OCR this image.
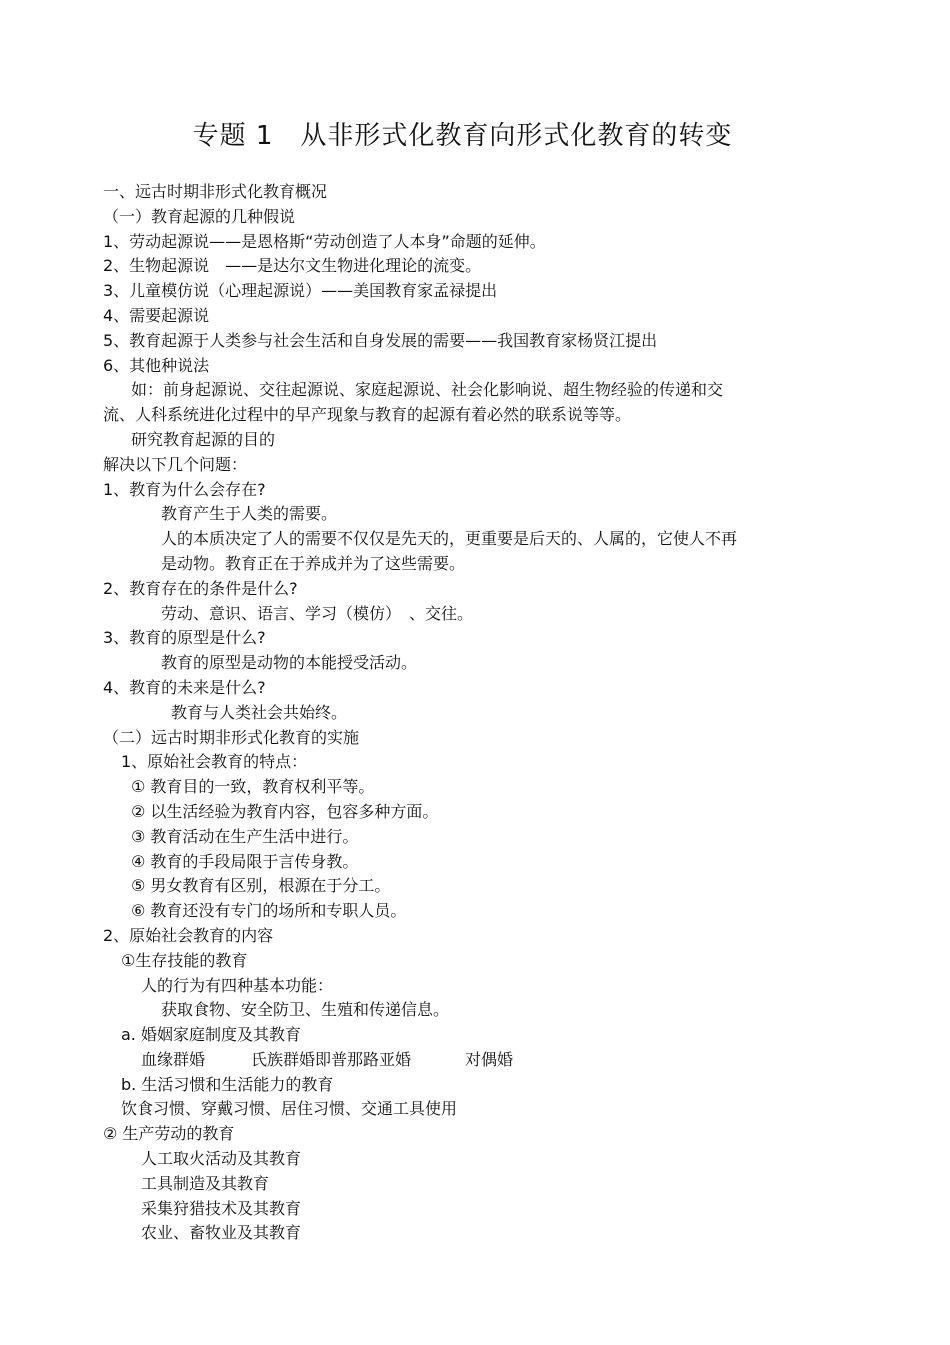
专题 1　从非形式化教育向形式化教育的转变
一、远古时期非形式化教育概况
（一）教育起源的几种假说
1、劳动起源说——是恩格斯“劳动创造了人本身”命题的延伸。
2、生物起源说　——是达尔文生物进化理论的流变。
3、儿童模仿说（心理起源说）——美国教育家孟禄提出
4、需要起源说
5、教育起源于人类参与社会生活和自身发展的需要——我国教育家杨贤江提出
6、其他种说法
如：前身起源说、交往起源说、家庭起源说、社会化影响说、超生物经验的传递和交
流、人科系统进化过程中的早产现象与教育的起源有着必然的联系说等等。
研究教育起源的目的
解决以下几个问题：
1、教育为什么会存在?
教育产生于人类的需要。
人的本质决定了人的需要不仅仅是先天的，更重要是后天的、人属的，它使人不再
是动物。教育正在于养成并为了这些需要。
2、教育存在的条件是什么?
劳动、意识、语言、学习（模仿）　、交往。
3、教育的原型是什么?
教育的原型是动物的本能授受活动。
4、教育的未来是什么?
教育与人类社会共始终。
（二）远古时期非形式化教育的实施
1、原始社会教育的特点：
① 教育目的一致，教育权利平等。
② 以生活经验为教育内容，包容多种方面。
③ 教育活动在生产生活中进行。
④ 教育的手段局限于言传身教。
⑤ 男女教育有区别，根源在于分工。
⑥ 教育还没有专门的场所和专职人员。
2、原始社会教育的内容
①生存技能的教育
人的行为有四种基本功能：
获取食物、安全防卫、生殖和传递信息。
a. 婚姻家庭制度及其教育
血缘群婚	氏族群婚即普那路亚婚	对偶婚
b. 生活习惯和生活能力的教育
饮食习惯、穿戴习惯、居住习惯、交通工具使用
② 生产劳动的教育
人工取火活动及其教育
工具制造及其教育
采集狩猎技术及其教育
农业、畜牧业及其教育
